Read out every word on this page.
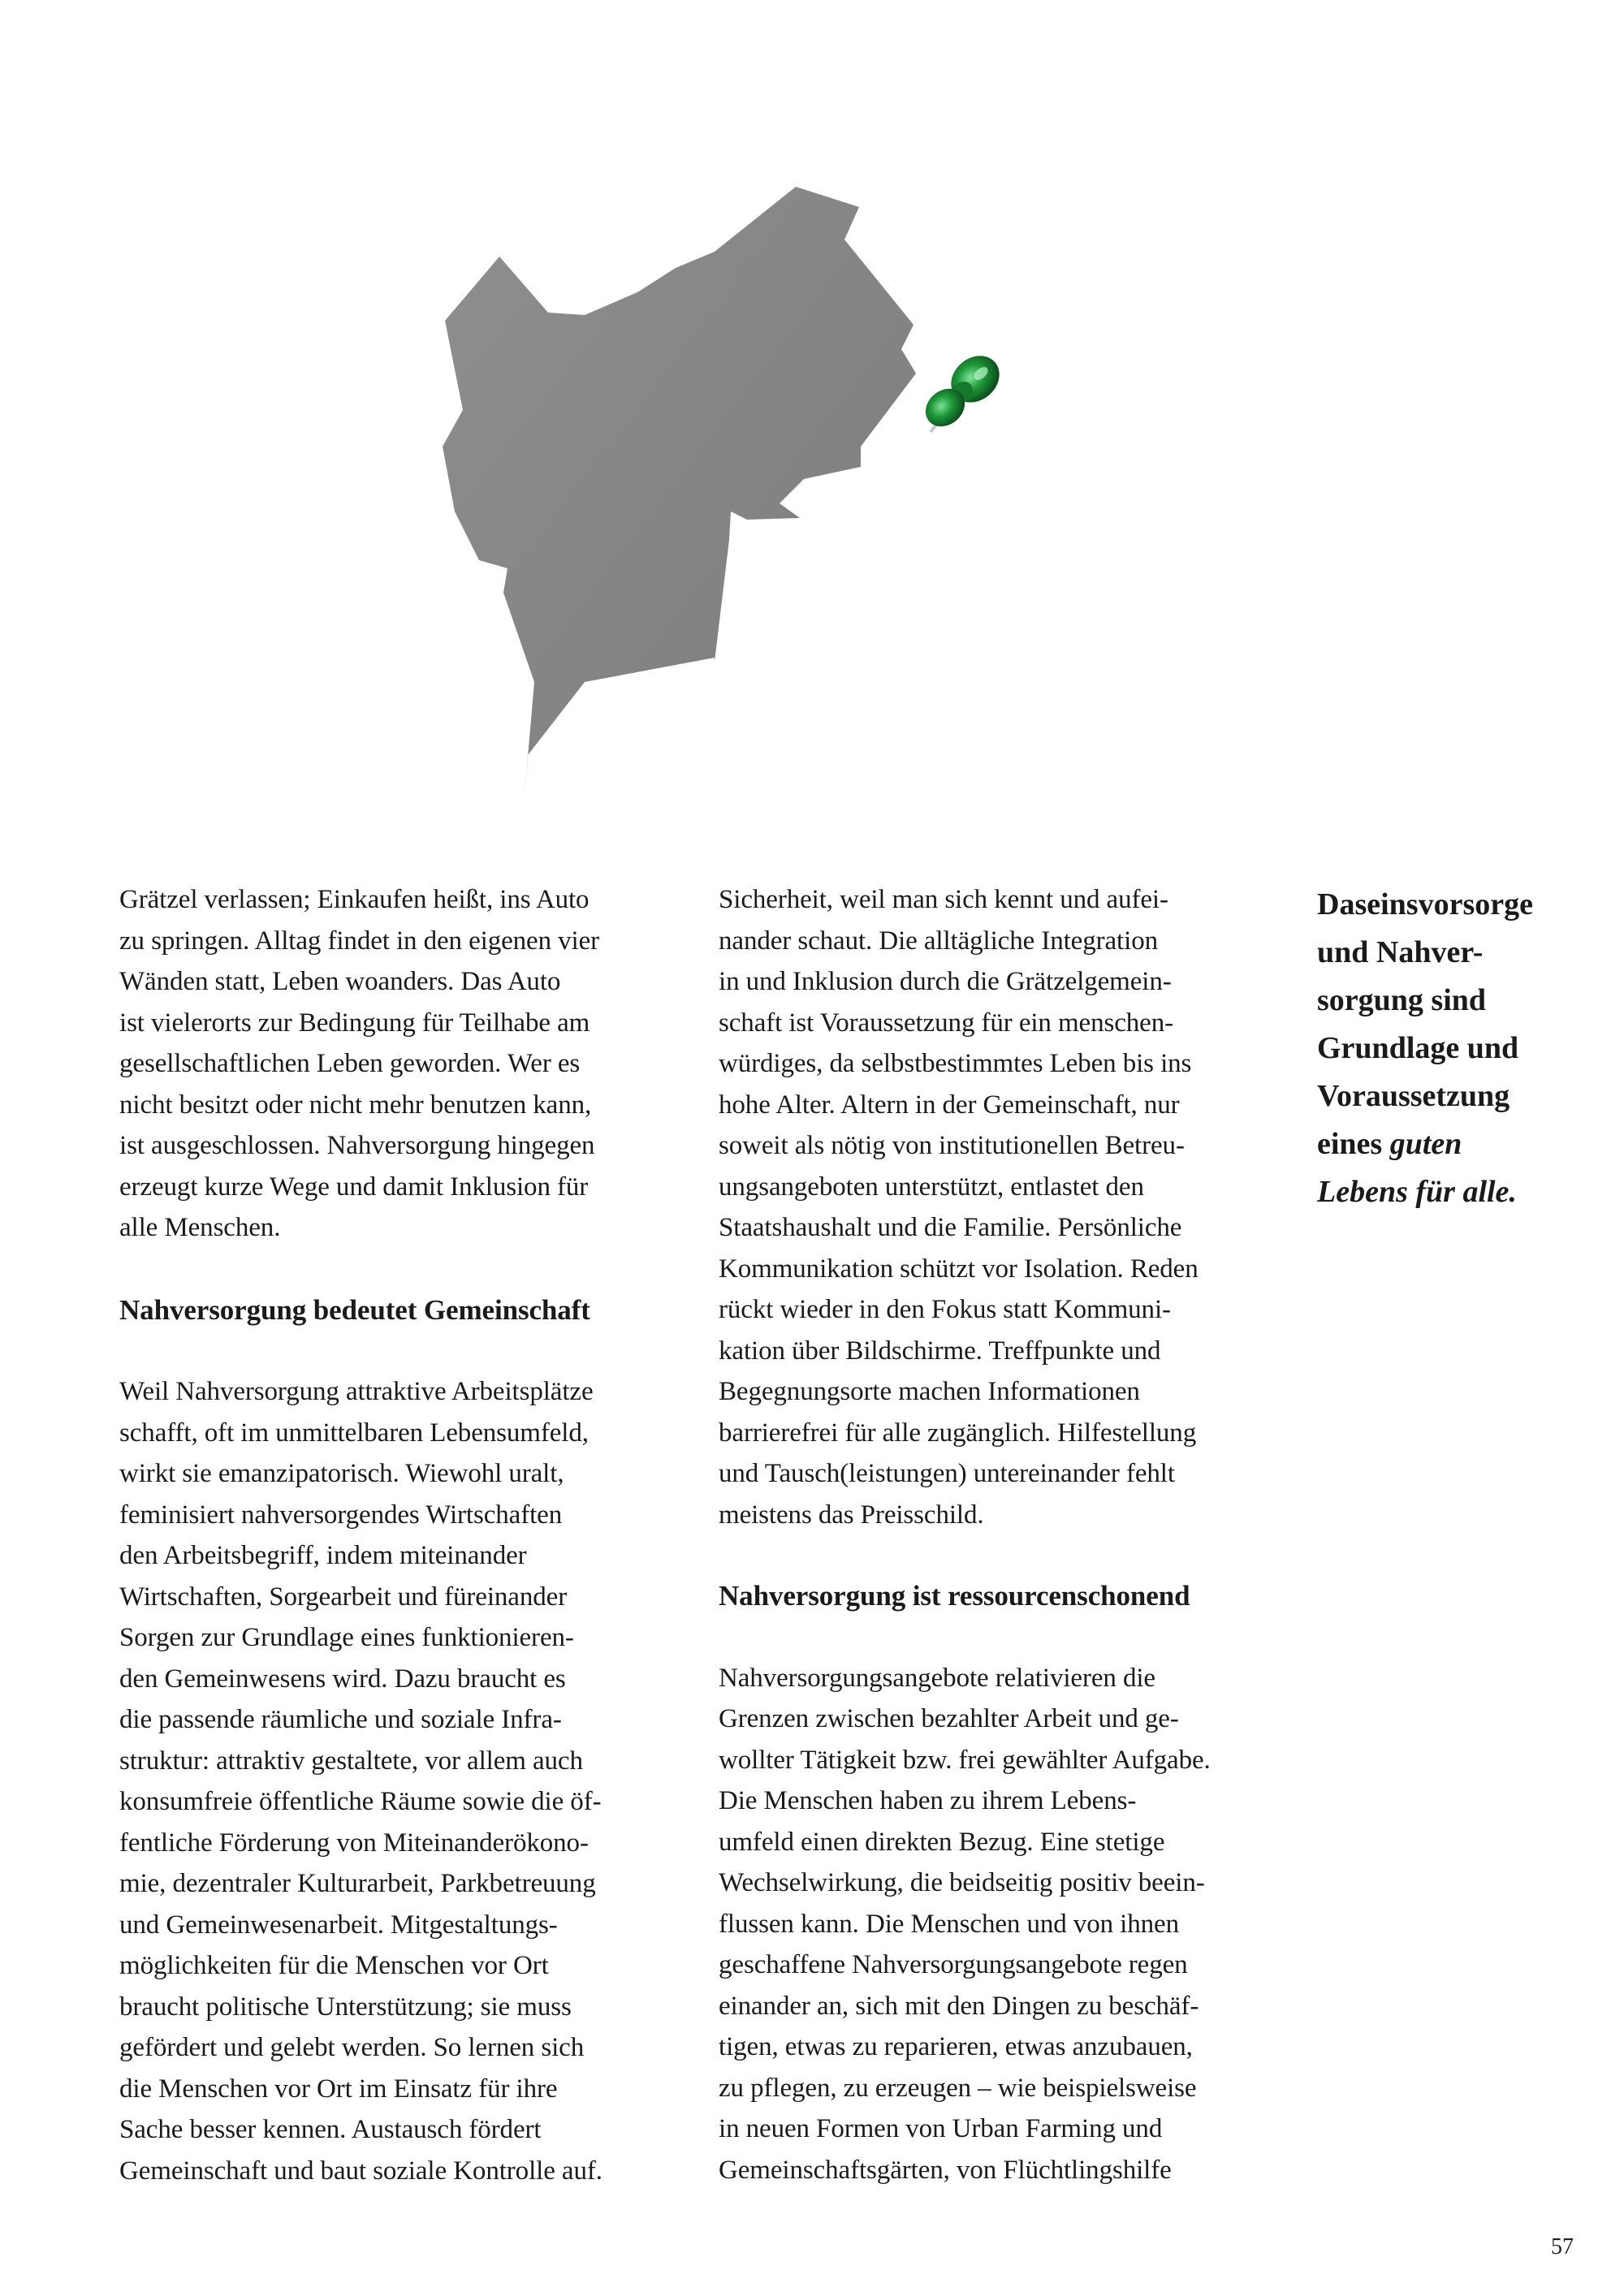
Grätzel verlassen; Einkaufen heißt, ins Auto
zu springen. Alltag findet in den eigenen vier
Wänden statt, Leben woanders. Das Auto
ist vielerorts zur Bedingung für Teilhabe am
gesellschaftlichen Leben geworden. Wer es
nicht besitzt oder nicht mehr benutzen kann,
ist ausgeschlossen. Nahversorgung hingegen
erzeugt kurze Wege und damit Inklusion für
alle Menschen.

Nahversorgung bedeutet Gemeinschaft

Weil Nahversorgung attraktive Arbeitsplätze
schafft, oft im unmittelbaren Lebensumfeld,
wirkt sie emanzipatorisch. Wiewohl uralt,
feminisiert nahversorgendes Wirtschaften
den Arbeitsbegriff, indem miteinander
Wirtschaften, Sorgearbeit und füreinander
Sorgen zur Grundlage eines funktionieren-
den Gemeinwesens wird. Dazu braucht es
die passende räumliche und soziale Infra-
struktur: attraktiv gestaltete, vor allem auch
konsumfreie öffentliche Räume sowie die öf-
fentliche Förderung von Miteinanderökono-
mie, dezentraler Kulturarbeit, Parkbetreuung
und Gemeinwesenarbeit. Mitgestaltungs-
möglichkeiten für die Menschen vor Ort
braucht politische Unterstützung; sie muss
gefördert und gelebt werden. So lernen sich
die Menschen vor Ort im Einsatz für ihre
Sache besser kennen. Austausch fördert
Gemeinschaft und baut soziale Kontrolle auf.

Sicherheit, weil man sich kennt und aufei-
nander schaut. Die alltägliche Integration
in und Inklusion durch die Grätzelgemein-
schaft ist Voraussetzung für ein menschen-
würdiges, da selbstbestimmtes Leben bis ins
hohe Alter. Altern in der Gemeinschaft, nur
soweit als nötig von institutionellen Betreu-
ungsangeboten unterstützt, entlastet den
Staatshaushalt und die Familie. Persönliche
Kommunikation schützt vor Isolation. Reden
rückt wieder in den Fokus statt Kommuni-
kation über Bildschirme. Treffpunkte und
Begegnungsorte machen Informationen
barrierefrei für alle zugänglich. Hilfestellung
und Tausch(leistungen) untereinander fehlt
meistens das Preisschild.

Nahversorgung ist ressourcenschonend

Nahversorgungsangebote relativieren die
Grenzen zwischen bezahlter Arbeit und ge-
wollter Tätigkeit bzw. frei gewählter Aufgabe.
Die Menschen haben zu ihrem Lebens-
umfeld einen direkten Bezug. Eine stetige
Wechselwirkung, die beidseitig positiv beein-
flussen kann. Die Menschen und von ihnen
geschaffene Nahversorgungsangebote regen
einander an, sich mit den Dingen zu beschäf-
tigen, etwas zu reparieren, etwas anzubauen,
zu pflegen, zu erzeugen – wie beispielsweise
in neuen Formen von Urban Farming und
Gemeinschaftsgärten, von Flüchtlingshilfe

Daseinsvorsorge
und Nahver-
sorgung sind
Grundlage und
Voraussetzung
eines guten
Lebens für alle.
57
